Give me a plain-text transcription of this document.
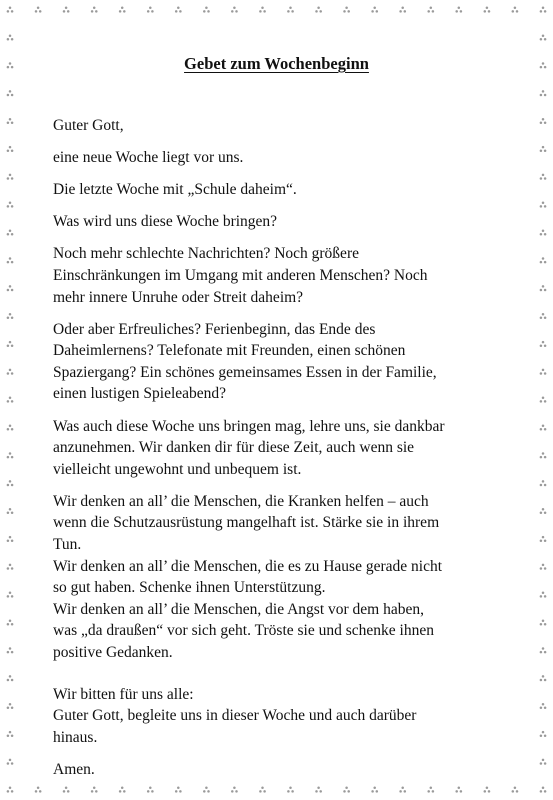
Gebet zum Wochenbeginn

Guter Gott,

eine neue Woche liegt vor uns.

Die letzte Woche mit „Schule daheim“.

Was wird uns diese Woche bringen?

Noch mehr schlechte Nachrichten? Noch größere
Einschränkungen im Umgang mit anderen Menschen? Noch
mehr innere Unruhe oder Streit daheim?

Oder aber Erfreuliches? Ferienbeginn, das Ende des
Daheimlernens? Telefonate mit Freunden, einen schönen
Spaziergang? Ein schönes gemeinsames Essen in der Familie,
einen lustigen Spieleabend?

Was auch diese Woche uns bringen mag, lehre uns, sie dankbar
anzunehmen. Wir danken dir für diese Zeit, auch wenn sie
vielleicht ungewohnt und unbequem ist.

Wir denken an all’ die Menschen, die Kranken helfen – auch
wenn die Schutzausrüstung mangelhaft ist. Stärke sie in ihrem
Tun.
Wir denken an all’ die Menschen, die es zu Hause gerade nicht
so gut haben. Schenke ihnen Unterstützung.
Wir denken an all’ die Menschen, die Angst vor dem haben,
was „da draußen“ vor sich geht. Tröste sie und schenke ihnen
positive Gedanken.

Wir bitten für uns alle:
Guter Gott, begleite uns in dieser Woche und auch darüber
hinaus.

Amen.
